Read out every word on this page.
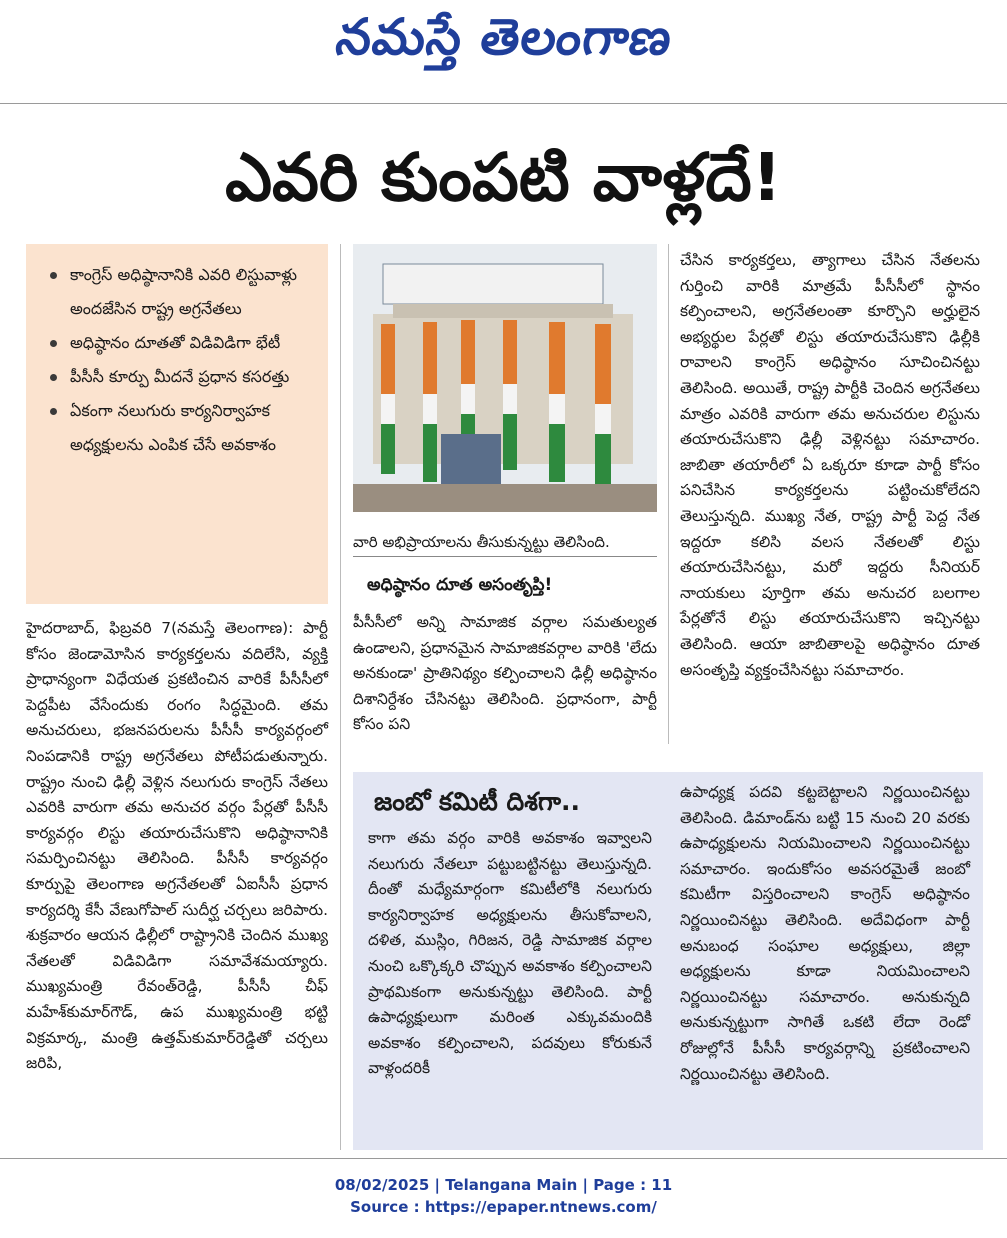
నమస్తే తెలంగాణ
ఎవరి కుంపటి వాళ్లదే!
కాంగ్రెస్ అధిష్ఠానానికి ఎవరి లిస్టువాళ్లు అందజేసిన రాష్ట్ర అగ్రనేతలు
అధిష్ఠానం దూతతో విడివిడిగా భేటీ
పీసీసీ కూర్పు మీదనే ప్రధాన కసరత్తు
ఏకంగా నలుగురు కార్యనిర్వాహక అధ్యక్షులను ఎంపిక చేసే అవకాశం

హైదరాబాద్, ఫిబ్రవరి 7(నమస్తే తెలంగాణ): పార్టీ కోసం జెండామోసిన కార్యకర్తలను వదిలేసి, వ్యక్తి ప్రాధాన్యంగా విధేయత ప్రకటించిన వారికే పీసీసీలో పెద్దపీట వేసేందుకు రంగం సిద్ధమైంది. తమ అనుచరులు, భజనపరులను పీసీసీ కార్యవర్గంలో నింపడానికి రాష్ట్ర అగ్రనేతలు పోటీపడుతున్నారు. రాష్ట్రం నుంచి ఢిల్లీ వెళ్లిన నలుగురు కాంగ్రెస్ నేతలు ఎవరికి వారుగా తమ అనుచర వర్గం పేర్లతో పీసీసీ కార్యవర్గం లిస్టు తయారుచేసుకొని అధిష్ఠానానికి సమర్పించినట్టు తెలిసింది. పీసీసీ కార్యవర్గం కూర్పుపై తెలంగాణ అగ్రనేతలతో ఏఐసీసీ ప్రధాన కార్యదర్శి కేసీ వేణుగోపాల్ సుదీర్ఘ చర్చలు జరిపారు. శుక్రవారం ఆయన ఢిల్లీలో రాష్ట్రానికి చెందిన ముఖ్య నేతలతో విడివిడిగా సమావేశమయ్యారు. ముఖ్యమంత్రి రేవంత్‌రెడ్డి, పీసీసీ చీఫ్ మహేశ్‌కుమార్‌గౌడ్, ఉప ముఖ్యమంత్రి భట్టి విక్రమార్క, మంత్రి ఉత్తమ్‌కుమార్‌రెడ్డితో చర్చలు జరిపి,

వారి అభిప్రాయాలను తీసుకున్నట్టు తెలిసింది.
అధిష్ఠానం దూత అసంతృప్తి!

పీసీసీలో అన్ని సామాజిక వర్గాల సమతుల్యత ఉండాలని, ప్రధానమైన సామాజికవర్గాల వారికి 'లేదు అనకుండా' ప్రాతినిథ్యం కల్పించాలని ఢిల్లీ అధిష్ఠానం దిశానిర్దేశం చేసినట్టు తెలిసింది. ప్రధానంగా, పార్టీ కోసం పని

చేసిన కార్యకర్తలు, త్యాగాలు చేసిన నేతలను గుర్తించి వారికి మాత్రమే పీసీసీలో స్థానం కల్పించాలని, అగ్రనేతలంతా కూర్చొని అర్హులైన అభ్యర్థుల పేర్లతో లిస్టు తయారుచేసుకొని ఢిల్లీకి రావాలని కాంగ్రెస్ అధిష్ఠానం సూచించినట్టు తెలిసింది. అయితే, రాష్ట్ర పార్టీకి చెందిన అగ్రనేతలు మాత్రం ఎవరికి వారుగా తమ అనుచరుల లిస్టును తయారుచేసుకొని ఢిల్లీ వెళ్లినట్టు సమాచారం. జాబితా తయారీలో ఏ ఒక్కరూ కూడా పార్టీ కోసం పనిచేసిన కార్యకర్తలను పట్టించుకోలేదని తెలుస్తున్నది. ముఖ్య నేత, రాష్ట్ర పార్టీ పెద్ద నేత ఇద్దరూ కలిసి వలస నేతలతో లిస్టు తయారుచేసినట్టు, మరో ఇద్దరు సీనియర్ నాయకులు పూర్తిగా తమ అనుచర బలగాల పేర్లతోనే లిస్టు తయారుచేసుకొని ఇచ్చినట్టు తెలిసింది. ఆయా జాబితాలపై అధిష్ఠానం దూత అసంతృప్తి వ్యక్తంచేసినట్టు సమాచారం.

జంబో కమిటీ దిశగా..

కాగా తమ వర్గం వారికి అవకాశం ఇవ్వాలని నలుగురు నేతలూ పట్టుబట్టినట్టు తెలుస్తున్నది. దీంతో మధ్యేమార్గంగా కమిటీలోకి నలుగురు కార్యనిర్వాహక అధ్యక్షులను తీసుకోవాలని, దళిత, ముస్లిం, గిరిజన, రెడ్డి సామాజిక వర్గాల నుంచి ఒక్కొక్కరి చొప్పున అవకాశం కల్పించాలని ప్రాథమికంగా అనుకున్నట్టు తెలిసింది. పార్టీ ఉపాధ్యక్షులుగా మరింత ఎక్కువమందికి అవకాశం కల్పించాలని, పదవులు కోరుకునే వాళ్లందరికీ

ఉపాధ్యక్ష పదవి కట్టబెట్టాలని నిర్ణయించినట్టు తెలిసింది. డిమాండ్‌ను బట్టి 15 నుంచి 20 వరకు ఉపాధ్యక్షులను నియమించాలని నిర్ణయించినట్టు సమాచారం. ఇందుకోసం అవసరమైతే జంబో కమిటీగా విస్తరించాలని కాంగ్రెస్ అధిష్ఠానం నిర్ణయించినట్టు తెలిసింది. అదేవిధంగా పార్టీ అనుబంధ సంఘాల అధ్యక్షులు, జిల్లా అధ్యక్షులను కూడా నియమించాలని నిర్ణయించినట్టు సమాచారం. అనుకున్నది అనుకున్నట్టుగా సాగితే ఒకటి లేదా రెండో రోజుల్లోనే పీసీసీ కార్యవర్గాన్ని ప్రకటించాలని నిర్ణయించినట్టు తెలిసింది.

08/02/2025 | Telangana Main | Page : 11
Source : https://epaper.ntnews.com/
